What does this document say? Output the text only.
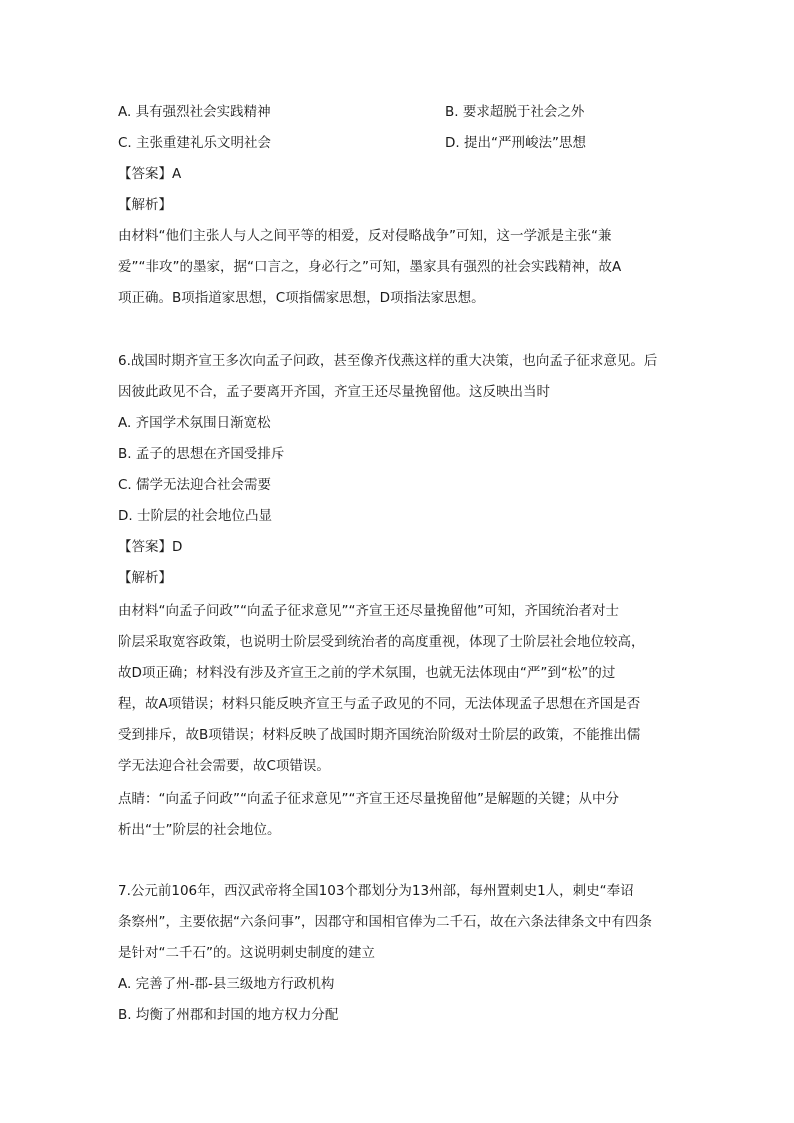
A. 具有强烈社会实践精神	B. 要求超脱于社会之外
C. 主张重建礼乐文明社会	D. 提出“严刑峻法”思想
【答案】A
【解析】
由材料“他们主张人与人之间平等的相爱，反对侵略战争”可知，这一学派是主张“兼
爱”“非攻”的墨家，据“口言之，身必行之”可知，墨家具有强烈的社会实践精神，故A
项正确。B项指道家思想，C项指儒家思想，D项指法家思想。
6.战国时期齐宣王多次向孟子问政，甚至像齐伐燕这样的重大决策，也向孟子征求意见。后
因彼此政见不合，孟子要离开齐国，齐宣王还尽量挽留他。这反映出当时
A. 齐国学术氛围日渐宽松
B. 孟子的思想在齐国受排斥
C. 儒学无法迎合社会需要
D. 士阶层的社会地位凸显
【答案】D
【解析】
由材料“向孟子问政”“向孟子征求意见”“齐宣王还尽量挽留他”可知，齐国统治者对士
阶层采取宽容政策，也说明士阶层受到统治者的高度重视，体现了士阶层社会地位较高，
故D项正确；材料没有涉及齐宣王之前的学术氛围，也就无法体现由“严”到“松”的过
程，故A项错误；材料只能反映齐宣王与孟子政见的不同，无法体现孟子思想在齐国是否
受到排斥，故B项错误；材料反映了战国时期齐国统治阶级对士阶层的政策，不能推出儒
学无法迎合社会需要，故C项错误。
点睛：“向孟子问政”“向孟子征求意见”“齐宣王还尽量挽留他”是解题的关键；从中分
析出“士”阶层的社会地位。
7.公元前106年，西汉武帝将全国103个郡划分为13州部，每州置刺史1人，刺史“奉诏
条察州”，主要依据“六条问事”，因郡守和国相官俸为二千石，故在六条法律条文中有四条
是针对“二千石”的。这说明刺史制度的建立
A. 完善了州-郡-县三级地方行政机构
B. 均衡了州郡和封国的地方权力分配
